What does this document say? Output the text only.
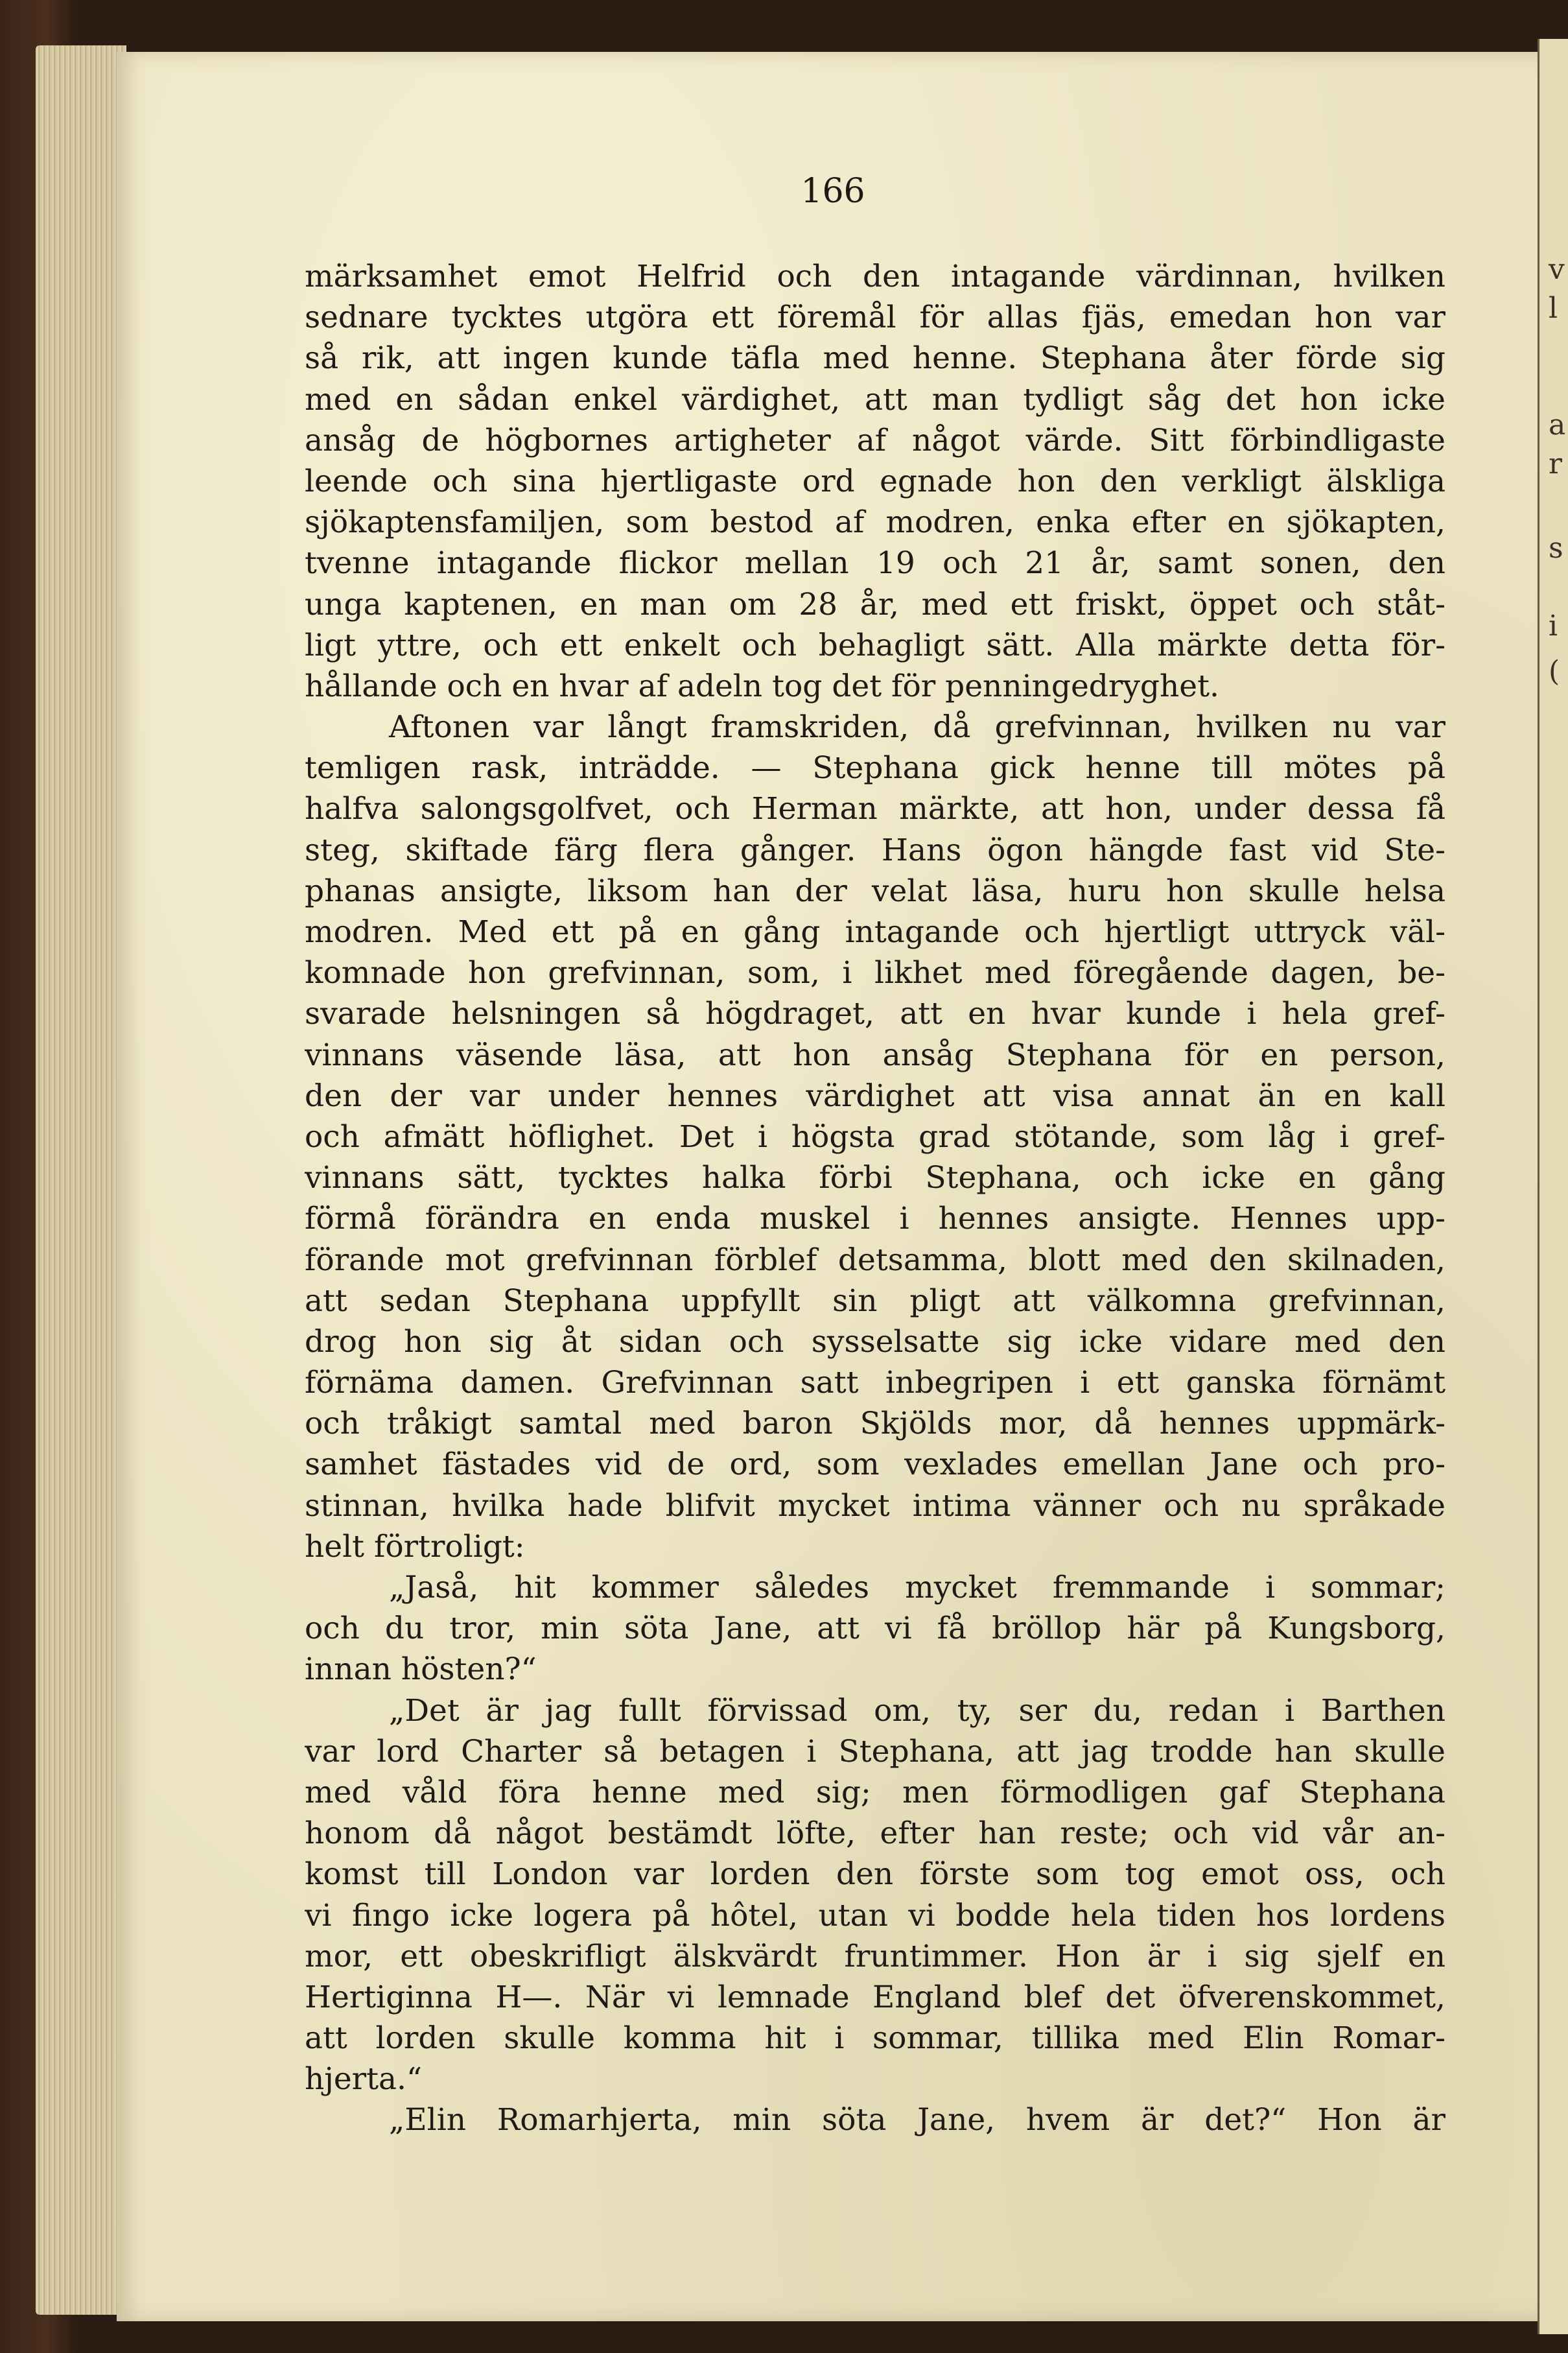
v
l
a
r
s
i
(
166
märksamhet emot Helfrid och den intagande värdinnan, hvilken
sednare tycktes utgöra ett föremål för allas fjäs, emedan hon var
så rik, att ingen kunde täfla med henne. Stephana åter förde sig
med en sådan enkel värdighet, att man tydligt såg det hon icke
ansåg de högbornes artigheter af något värde. Sitt förbindligaste
leende och sina hjertligaste ord egnade hon den verkligt älskliga
sjökaptensfamiljen, som bestod af modren, enka efter en sjökapten,
tvenne intagande flickor mellan 19 och 21 år, samt sonen, den
unga kaptenen, en man om 28 år, med ett friskt, öppet och ståt-
ligt yttre, och ett enkelt och behagligt sätt. Alla märkte detta för-
hållande och en hvar af adeln tog det för penningedryghet.
Aftonen var långt framskriden, då grefvinnan, hvilken nu var
temligen rask, inträdde. — Stephana gick henne till mötes på
halfva salongsgolfvet, och Herman märkte, att hon, under dessa få
steg, skiftade färg flera gånger. Hans ögon hängde fast vid Ste-
phanas ansigte, liksom han der velat läsa, huru hon skulle helsa
modren. Med ett på en gång intagande och hjertligt uttryck väl-
komnade hon grefvinnan, som, i likhet med föregående dagen, be-
svarade helsningen så högdraget, att en hvar kunde i hela gref-
vinnans väsende läsa, att hon ansåg Stephana för en person,
den der var under hennes värdighet att visa annat än en kall
och afmätt höflighet. Det i högsta grad stötande, som låg i gref-
vinnans sätt, tycktes halka förbi Stephana, och icke en gång
förmå förändra en enda muskel i hennes ansigte. Hennes upp-
förande mot grefvinnan förblef detsamma, blott med den skilnaden,
att sedan Stephana uppfyllt sin pligt att välkomna grefvinnan,
drog hon sig åt sidan och sysselsatte sig icke vidare med den
förnäma damen. Grefvinnan satt inbegripen i ett ganska förnämt
och tråkigt samtal med baron Skjölds mor, då hennes uppmärk-
samhet fästades vid de ord, som vexlades emellan Jane och pro-
stinnan, hvilka hade blifvit mycket intima vänner och nu språkade
helt förtroligt:
„Jaså, hit kommer således mycket fremmande i sommar;
och du tror, min söta Jane, att vi få bröllop här på Kungsborg,
innan hösten?“
„Det är jag fullt förvissad om, ty, ser du, redan i Barthen
var lord Charter så betagen i Stephana, att jag trodde han skulle
med våld föra henne med sig; men förmodligen gaf Stephana
honom då något bestämdt löfte, efter han reste; och vid vår an-
komst till London var lorden den förste som tog emot oss, och
vi fingo icke logera på hôtel, utan vi bodde hela tiden hos lordens
mor, ett obeskrifligt älskvärdt fruntimmer. Hon är i sig sjelf en
Hertiginna H—. När vi lemnade England blef det öfverenskommet,
att lorden skulle komma hit i sommar, tillika med Elin Romar-
hjerta.“
„Elin Romarhjerta, min söta Jane, hvem är det?“ Hon är
